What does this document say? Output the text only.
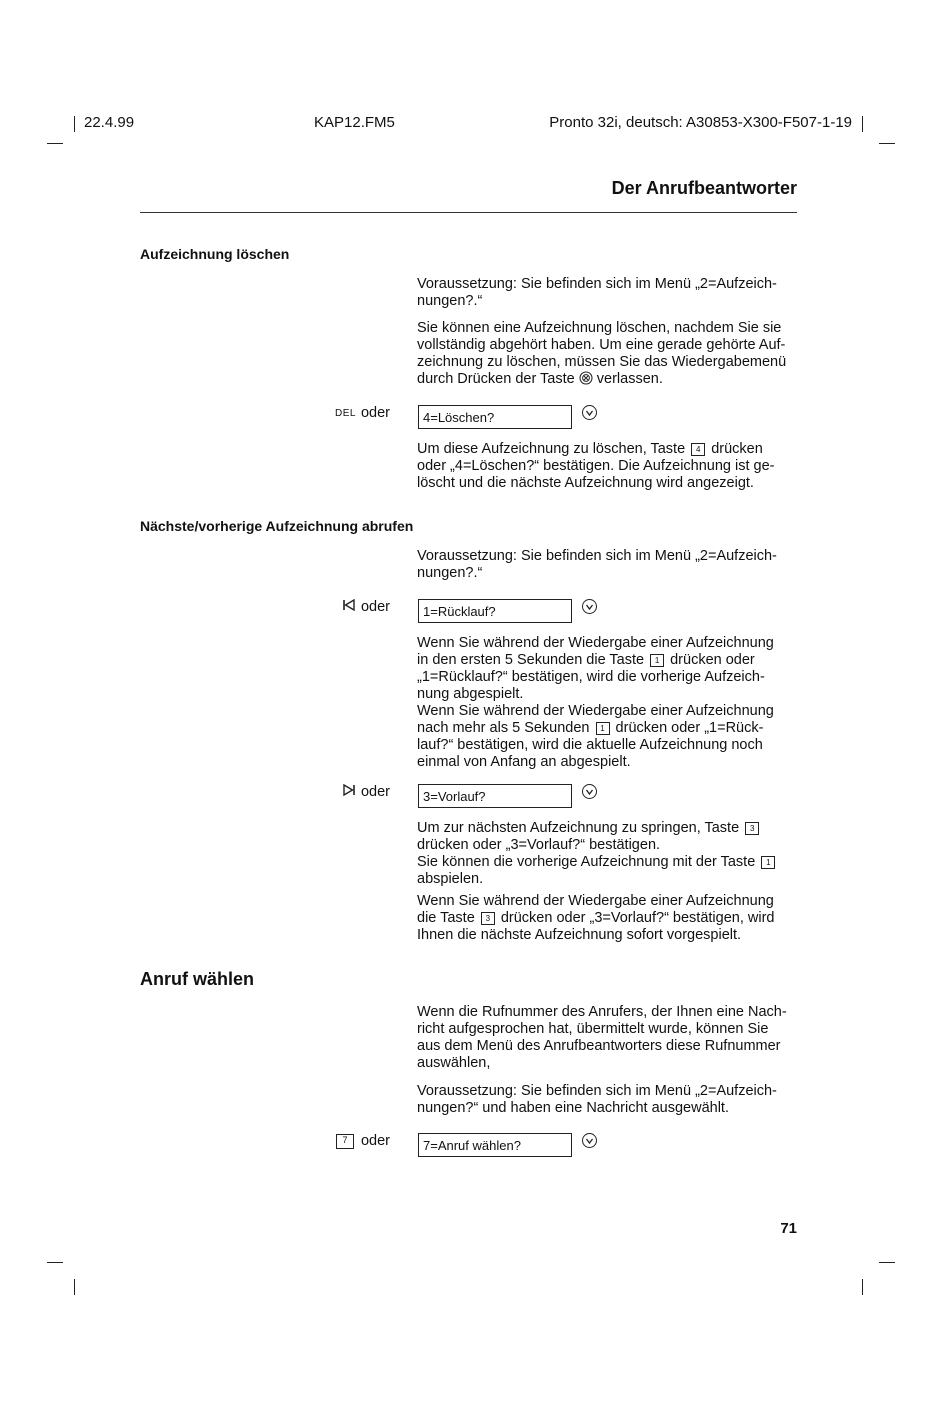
22.4.99	KAP12.FM5	Pronto 32i, deutsch: A30853-X300-F507-1-19
Der Anrufbeantworter
Aufzeichnung löschen

Voraussetzung: Sie befinden sich im Menü „2=Aufzeich-
nungen?.“

Sie können eine Aufzeichnung löschen, nachdem Sie sie
vollständig abgehört haben. Um eine gerade gehörte Auf-
zeichnung zu löschen, müssen Sie das Wiedergabemenü
durch Drücken der Taste  verlassen.

DEL oder	4=Löschen?

Um diese Aufzeichnung zu löschen, Taste 4 drücken
oder „4=Löschen?“ bestätigen. Die Aufzeichnung ist ge-
löscht und die nächste Aufzeichnung wird angezeigt.

Nächste/vorherige Aufzeichnung abrufen

Voraussetzung: Sie befinden sich im Menü „2=Aufzeich-
nungen?.“

oder	1=Rücklauf?

Wenn Sie während der Wiedergabe einer Aufzeichnung
in den ersten 5 Sekunden die Taste 1 drücken oder
„1=Rücklauf?“ bestätigen, wird die vorherige Aufzeich-
nung abgespielt.
Wenn Sie während der Wiedergabe einer Aufzeichnung
nach mehr als 5 Sekunden 1 drücken oder „1=Rück-
lauf?“ bestätigen, wird die aktuelle Aufzeichnung noch
einmal von Anfang an abgespielt.

oder	3=Vorlauf?

Um zur nächsten Aufzeichnung zu springen, Taste 3
drücken oder „3=Vorlauf?“ bestätigen.
Sie können die vorherige Aufzeichnung mit der Taste 1
abspielen.

Wenn Sie während der Wiedergabe einer Aufzeichnung
die Taste 3 drücken oder „3=Vorlauf?“ bestätigen, wird
Ihnen die nächste Aufzeichnung sofort vorgespielt.

Anruf wählen

Wenn die Rufnummer des Anrufers, der Ihnen eine Nach-
richt aufgesprochen hat, übermittelt wurde, können Sie
aus dem Menü des Anrufbeantworters diese Rufnummer
auswählen,

Voraussetzung: Sie befinden sich im Menü „2=Aufzeich-
nungen?“ und haben eine Nachricht ausgewählt.

7 oder	7=Anruf wählen?
71
